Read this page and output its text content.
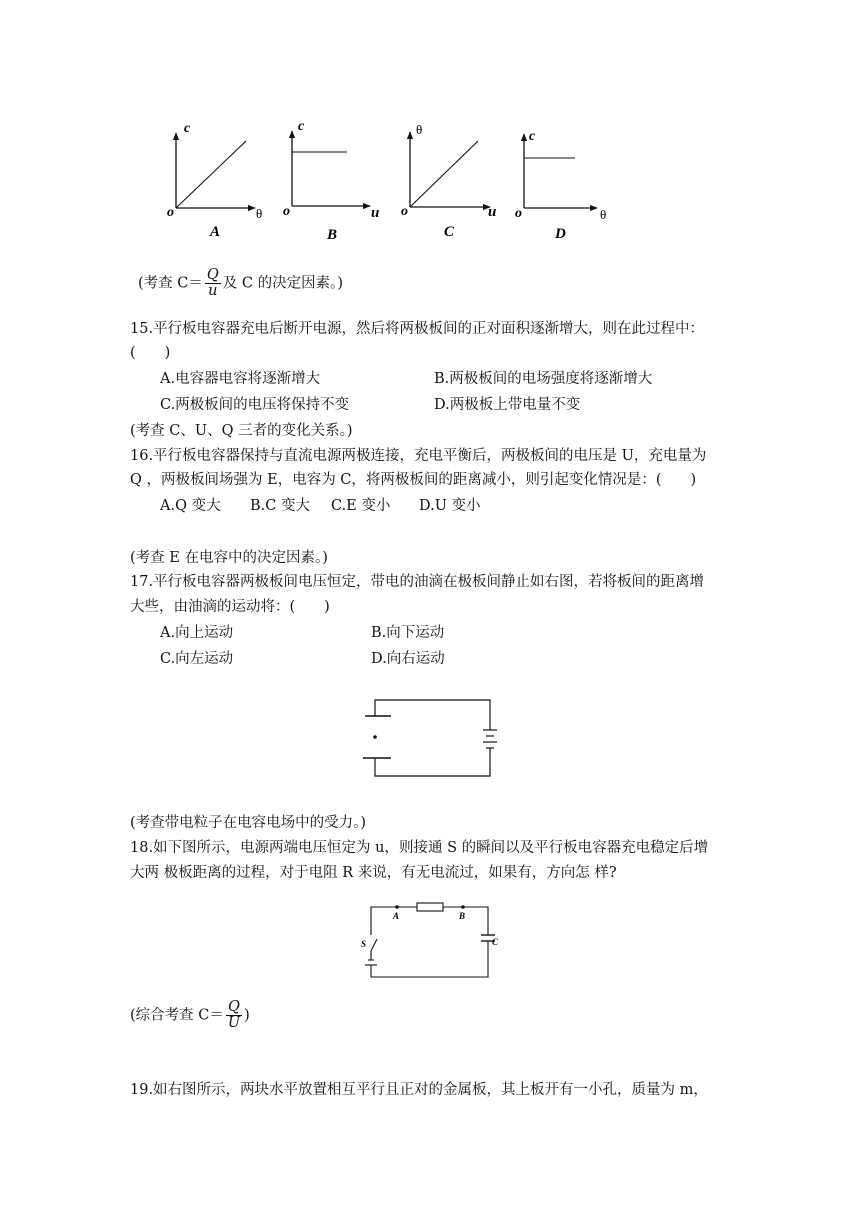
c
θ
o
A
c
u
o
B
θ
u
o
C
c
θ
o
D
(考查 $C= \frac{Q}{u}$ 及 C 的决定因素。)
15.平行板电容器充电后断开电源，然后将两极板间的正对面积逐渐增大，则在此过程中：
(　　)
A.电容器电容将逐渐增大	B.两极板间的电场强度将逐渐增大
C.两极板间的电压将保持不变	D.两极板上带电量不变
(考查 C、U、Q 三者的变化关系。)
16.平行板电容器保持与直流电源两极连接，充电平衡后，两极板间的电压是 U，充电量为
Q ，两极板间场强为 E，电容为 C，将两极板间的距离减小，则引起变化情况是：(　　)
A.Q 变大 B.C 变大 C.E 变小 D.U 变小
(考查 E 在电容中的决定因素。)
17.平行板电容器两极板间电压恒定，带电的油滴在极板间静止如右图，若将板间的距离增
大些，由油滴的运动将：(　　)
A.向上运动	B.向下运动
C.向左运动	D.向右运动
(考查带电粒子在电容电场中的受力。)
18.如下图所示，电源两端电压恒定为 u，则接通 S 的瞬间以及平行板电容器充电稳定后增
大两 极板距离的过程，对于电阻 R 来说，有无电流过，如果有，方向怎 样?
A	B
S	C
(综合考查 $C= \frac{Q}{U}$ )
19.如右图所示，两块水平放置相互平行且正对的金属板，其上板开有一小孔，质量为 m，
